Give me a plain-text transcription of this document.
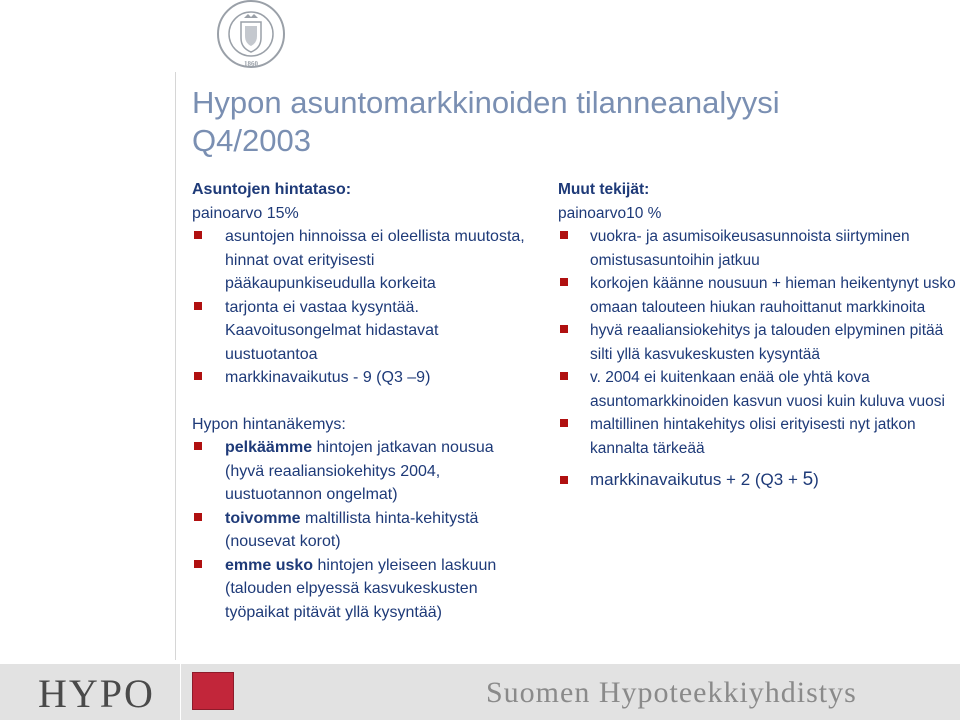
1860
Hypon asuntomarkkinoiden tilanneanalyysi
Q4/2003
Asuntojen hintataso:
painoarvo 15%
asuntojen hinnoissa ei oleellista muutosta, hinnat ovat erityisesti pääkaupunkiseudulla korkeita
tarjonta ei vastaa kysyntää. Kaavoitusongelmat hidastavat uustuotantoa
markkinavaikutus - 9 (Q3 –9)
Hypon hintanäkemys:
pelkäämme hintojen jatkavan nousua (hyvä reaaliansiokehitys 2004, uustuotannon ongelmat)
toivomme maltillista hinta-kehitystä (nousevat korot)
emme usko hintojen yleiseen laskuun (talouden elpyessä kasvukeskusten työpaikat pitävät yllä kysyntää)
Muut tekijät:
painoarvo10 %
vuokra- ja asumisoikeusasunnoista siirtyminen omistusasuntoihin jatkuu
korkojen käänne nousuun + hieman heikentynyt usko omaan talouteen hiukan rauhoittanut markkinoita
hyvä reaaliansiokehitys ja talouden elpyminen pitää silti yllä kasvukeskusten kysyntää
v. 2004 ei kuitenkaan enää ole yhtä kova asuntomarkkinoiden kasvun vuosi kuin kuluva vuosi
maltillinen hintakehitys olisi erityisesti nyt jatkon kannalta tärkeää
markkinavaikutus + 2 (Q3 + 5)
HYPO	Suomen Hypoteekkiyhdistys
